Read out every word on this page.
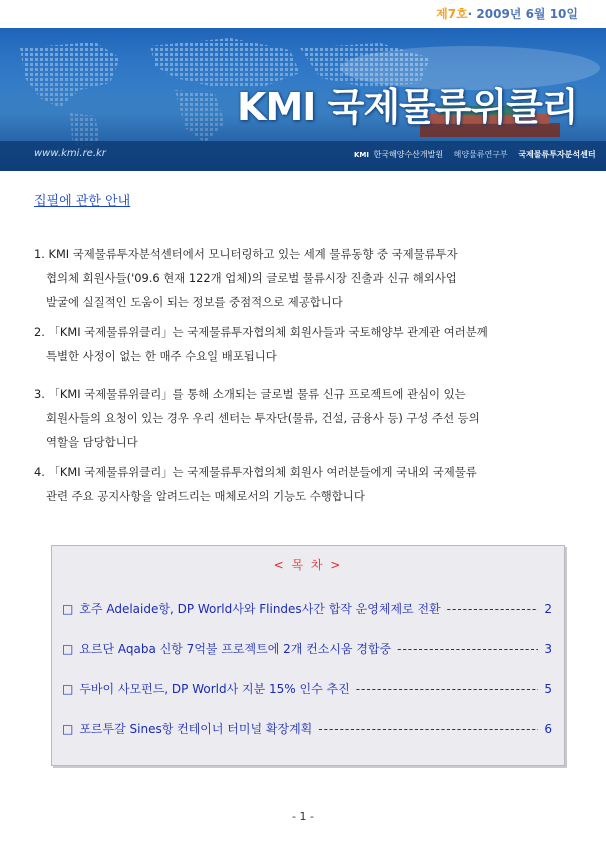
제7호· 2009년 6월 10일
KMI 국제물류위클리
www.kmi.re.kr	KMI 한국해양수산개발원 해양물류연구부 국제물류투자분석센터
집필에 관한 안내
1. KMI 국제물류투자분석센터에서 모니터링하고 있는 세계 물류동향 중 국제물류투자
협의체 회원사들('09.6 현재 122개 업체)의 글로벌 물류시장 진출과 신규 해외사업
발굴에 실질적인 도움이 되는 정보를 중점적으로 제공합니다
2. 「KMI 국제물류위클리」는 국제물류투자협의체 회원사들과 국토해양부 관계관 여러분께
특별한 사정이 없는 한 매주 수요일 배포됩니다
3. 「KMI 국제물류위클리」를 통해 소개되는 글로벌 물류 신규 프로젝트에 관심이 있는
회원사들의 요청이 있는 경우 우리 센터는 투자단(물류, 건설, 금융사 등) 구성 주선 등의
역할을 담당합니다
4. 「KMI 국제물류위클리」는 국제물류투자협의체 회원사 여러분들에게 국내외 국제물류
관련 주요 공지사항을 알려드리는 매체로서의 기능도 수행합니다
< 목 차 >
□ 호주 Adelaide항, DP World사와 Flindes사간 합작 운영체제로 전환 -----	2
□ 요르단 Aqaba 신항 7억불 프로젝트에 2개 컨소시움 경합중 -----	3
□ 두바이 사모펀드, DP World사 지분 15% 인수 추진 -----	5
□ 포르투갈 Sines항 컨테이너 터미널 확장계획 -----	6
- 1 -
